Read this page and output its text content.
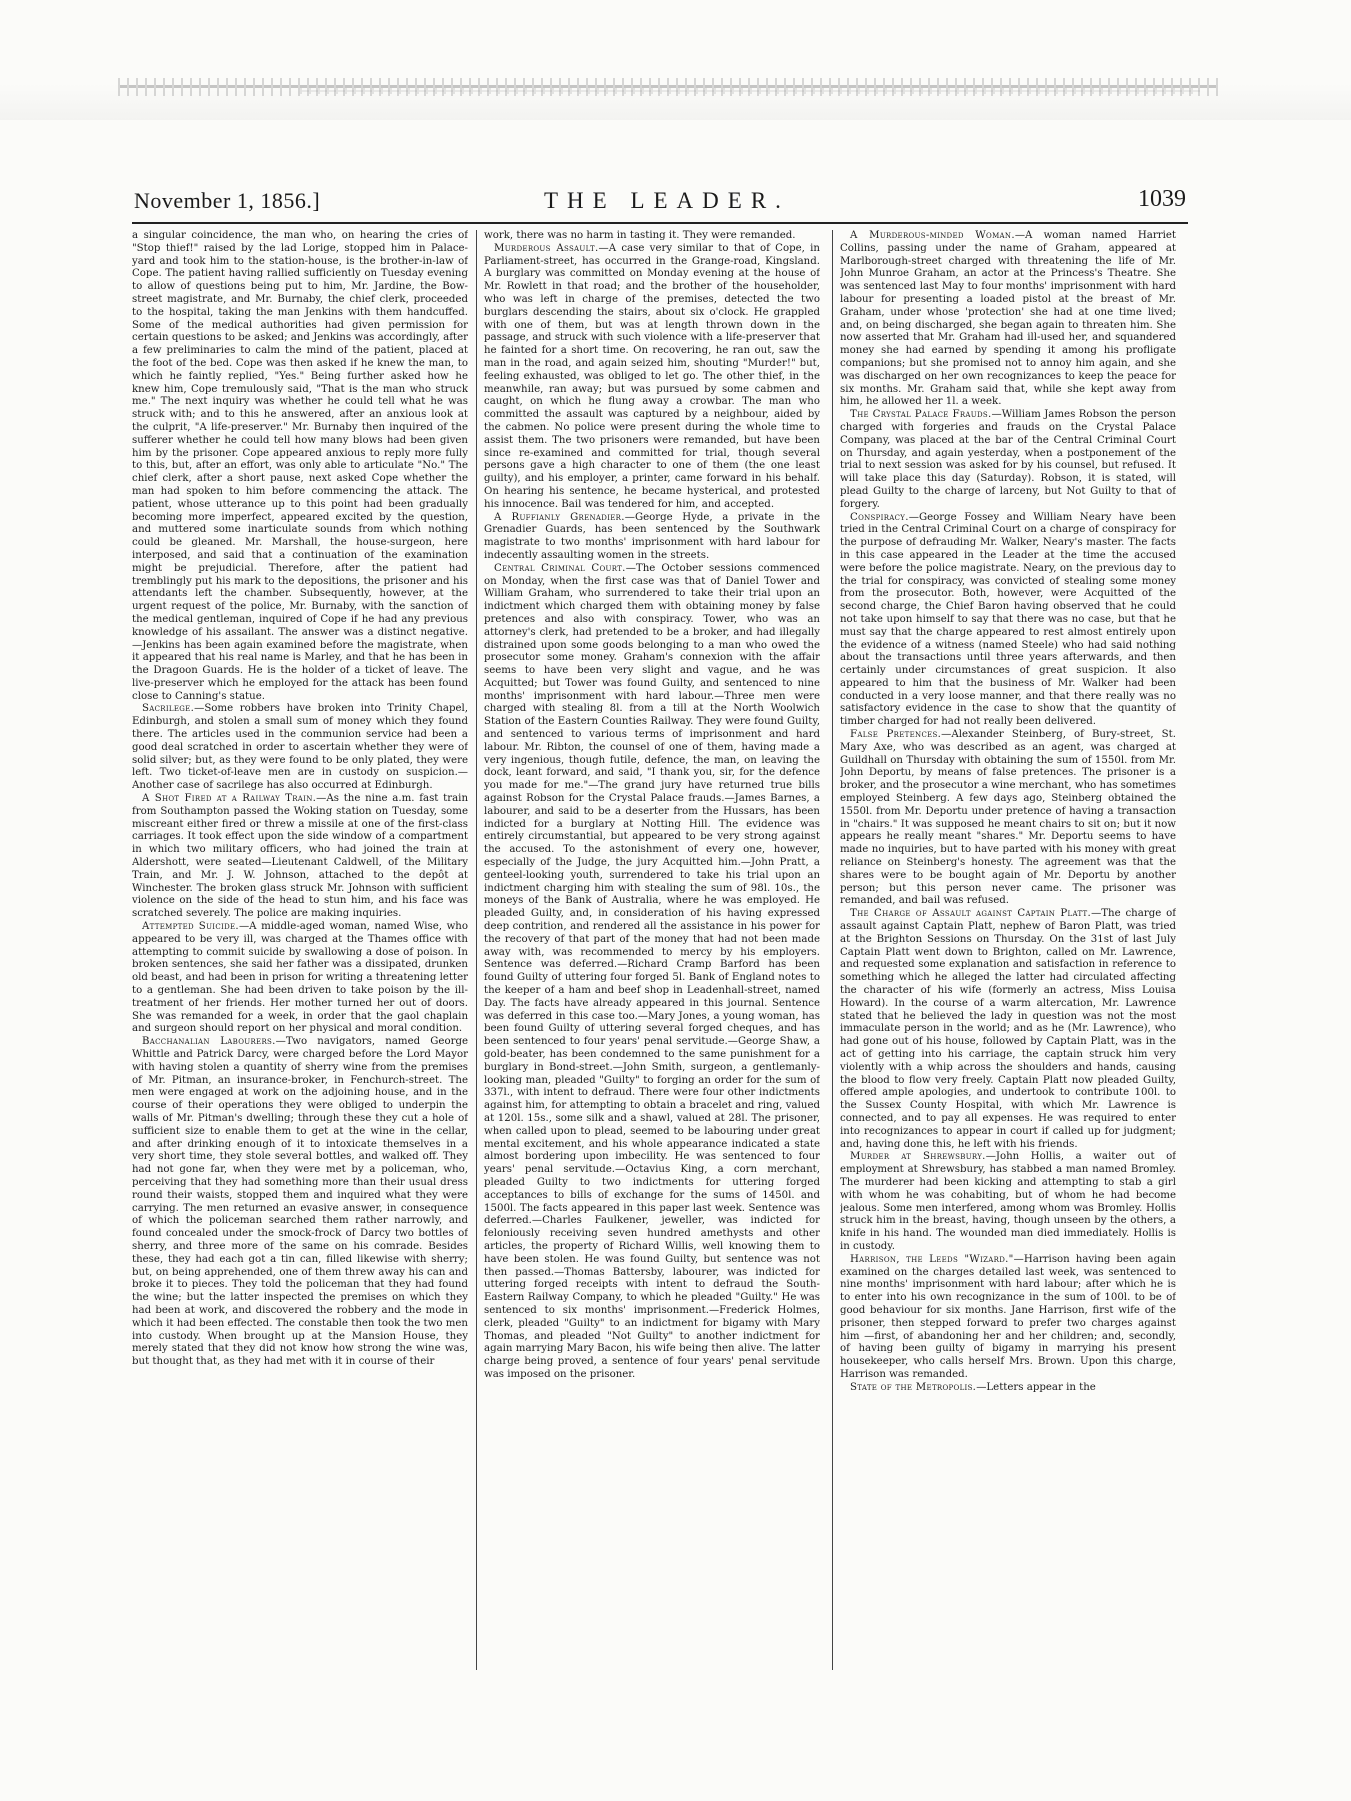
November 1, 1856.]	THE LEADER.	1039

a singular coincidence, the man who, on hearing the cries of "Stop thief!" raised by the lad Lorige, stopped him in Palace-yard and took him to the station-house, is the brother-in-law of Cope. The patient having rallied sufficiently on Tuesday evening to allow of questions being put to him, Mr. Jardine, the Bow-street magistrate, and Mr. Burnaby, the chief clerk, proceeded to the hospital, taking the man Jenkins with them handcuffed. Some of the medical authorities had given permission for certain questions to be asked; and Jenkins was accordingly, after a few preliminaries to calm the mind of the patient, placed at the foot of the bed. Cope was then asked if he knew the man, to which he faintly replied, "Yes." Being further asked how he knew him, Cope tremulously said, "That is the man who struck me." The next inquiry was whether he could tell what he was struck with; and to this he answered, after an anxious look at the culprit, "A life-preserver." Mr. Burnaby then inquired of the sufferer whether he could tell how many blows had been given him by the prisoner. Cope appeared anxious to reply more fully to this, but, after an effort, was only able to articulate "No." The chief clerk, after a short pause, next asked Cope whether the man had spoken to him before commencing the attack. The patient, whose utterance up to this point had been gradually becoming more imperfect, appeared excited by the question, and muttered some inarticulate sounds from which nothing could be gleaned. Mr. Marshall, the house-surgeon, here interposed, and said that a continuation of the examination might be prejudicial. Therefore, after the patient had tremblingly put his mark to the depositions, the prisoner and his attendants left the chamber. Subsequently, however, at the urgent request of the police, Mr. Burnaby, with the sanction of the medical gentleman, inquired of Cope if he had any previous knowledge of his assailant. The answer was a distinct negative.—Jenkins has been again examined before the magistrate, when it appeared that his real name is Marley, and that he has been in the Dragoon Guards. He is the holder of a ticket of leave. The live-preserver which he employed for the attack has been found close to Canning's statue.

Sacrilege.—Some robbers have broken into Trinity Chapel, Edinburgh, and stolen a small sum of money which they found there. The articles used in the communion service had been a good deal scratched in order to ascertain whether they were of solid silver; but, as they were found to be only plated, they were left. Two ticket-of-leave men are in custody on suspicion.—Another case of sacrilege has also occurred at Edinburgh.

A Shot Fired at a Railway Train.—As the nine a.m. fast train from Southampton passed the Woking station on Tuesday, some miscreant either fired or threw a missile at one of the first-class carriages. It took effect upon the side window of a compartment in which two military officers, who had joined the train at Aldershott, were seated—Lieutenant Caldwell, of the Military Train, and Mr. J. W. Johnson, attached to the depôt at Winchester. The broken glass struck Mr. Johnson with sufficient violence on the side of the head to stun him, and his face was scratched severely. The police are making inquiries.

Attempted Suicide.—A middle-aged woman, named Wise, who appeared to be very ill, was charged at the Thames office with attempting to commit suicide by swallowing a dose of poison. In broken sentences, she said her father was a dissipated, drunken old beast, and had been in prison for writing a threatening letter to a gentleman. She had been driven to take poison by the ill-treatment of her friends. Her mother turned her out of doors. She was remanded for a week, in order that the gaol chaplain and surgeon should report on her physical and moral condition.

Bacchanalian Labourers.—Two navigators, named George Whittle and Patrick Darcy, were charged before the Lord Mayor with having stolen a quantity of sherry wine from the premises of Mr. Pitman, an insurance-broker, in Fenchurch-street. The men were engaged at work on the adjoining house, and in the course of their operations they were obliged to underpin the walls of Mr. Pitman's dwelling; through these they cut a hole of sufficient size to enable them to get at the wine in the cellar, and after drinking enough of it to intoxicate themselves in a very short time, they stole several bottles, and walked off. They had not gone far, when they were met by a policeman, who, perceiving that they had something more than their usual dress round their waists, stopped them and inquired what they were carrying. The men returned an evasive answer, in consequence of which the policeman searched them rather narrowly, and found concealed under the smock-frock of Darcy two bottles of sherry, and three more of the same on his comrade. Besides these, they had each got a tin can, filled likewise with sherry; but, on being apprehended, one of them threw away his can and broke it to pieces. They told the policeman that they had found the wine; but the latter inspected the premises on which they had been at work, and discovered the robbery and the mode in which it had been effected. The constable then took the two men into custody. When brought up at the Mansion House, they merely stated that they did not know how strong the wine was, but thought that, as they had met with it in course of their

work, there was no harm in tasting it. They were remanded.

Murderous Assault.—A case very similar to that of Cope, in Parliament-street, has occurred in the Grange-road, Kingsland. A burglary was committed on Monday evening at the house of Mr. Rowlett in that road; and the brother of the householder, who was left in charge of the premises, detected the two burglars descending the stairs, about six o'clock. He grappled with one of them, but was at length thrown down in the passage, and struck with such violence with a life-preserver that he fainted for a short time. On recovering, he ran out, saw the man in the road, and again seized him, shouting "Murder!" but, feeling exhausted, was obliged to let go. The other thief, in the meanwhile, ran away; but was pursued by some cabmen and caught, on which he flung away a crowbar. The man who committed the assault was captured by a neighbour, aided by the cabmen. No police were present during the whole time to assist them. The two prisoners were remanded, but have been since re-examined and committed for trial, though several persons gave a high character to one of them (the one least guilty), and his employer, a printer, came forward in his behalf. On hearing his sentence, he became hysterical, and protested his innocence. Bail was tendered for him, and accepted.

A Ruffianly Grenadier.—George Hyde, a private in the Grenadier Guards, has been sentenced by the Southwark magistrate to two months' imprisonment with hard labour for indecently assaulting women in the streets.

Central Criminal Court.—The October sessions commenced on Monday, when the first case was that of Daniel Tower and William Graham, who surrendered to take their trial upon an indictment which charged them with obtaining money by false pretences and also with conspiracy. Tower, who was an attorney's clerk, had pretended to be a broker, and had illegally distrained upon some goods belonging to a man who owed the prosecutor some money. Graham's connexion with the affair seems to have been very slight and vague, and he was Acquitted; but Tower was found Guilty, and sentenced to nine months' imprisonment with hard labour.—Three men were charged with stealing 8l. from a till at the North Woolwich Station of the Eastern Counties Railway. They were found Guilty, and sentenced to various terms of imprisonment and hard labour. Mr. Ribton, the counsel of one of them, having made a very ingenious, though futile, defence, the man, on leaving the dock, leant forward, and said, "I thank you, sir, for the defence you made for me."—The grand jury have returned true bills against Robson for the Crystal Palace frauds.—James Barnes, a labourer, and said to be a deserter from the Hussars, has been indicted for a burglary at Notting Hill. The evidence was entirely circumstantial, but appeared to be very strong against the accused. To the astonishment of every one, however, especially of the Judge, the jury Acquitted him.—John Pratt, a genteel-looking youth, surrendered to take his trial upon an indictment charging him with stealing the sum of 98l. 10s., the moneys of the Bank of Australia, where he was employed. He pleaded Guilty, and, in consideration of his having expressed deep contrition, and rendered all the assistance in his power for the recovery of that part of the money that had not been made away with, was recommended to mercy by his employers. Sentence was deferred.—Richard Cramp Barford has been found Guilty of uttering four forged 5l. Bank of England notes to the keeper of a ham and beef shop in Leadenhall-street, named Day. The facts have already appeared in this journal. Sentence was deferred in this case too.—Mary Jones, a young woman, has been found Guilty of uttering several forged cheques, and has been sentenced to four years' penal servitude.—George Shaw, a gold-beater, has been condemned to the same punishment for a burglary in Bond-street.—John Smith, surgeon, a gentlemanly-looking man, pleaded "Guilty" to forging an order for the sum of 337l., with intent to defraud. There were four other indictments against him, for attempting to obtain a bracelet and ring, valued at 120l. 15s., some silk and a shawl, valued at 28l. The prisoner, when called upon to plead, seemed to be labouring under great mental excitement, and his whole appearance indicated a state almost bordering upon imbecility. He was sentenced to four years' penal servitude.—Octavius King, a corn merchant, pleaded Guilty to two indictments for uttering forged acceptances to bills of exchange for the sums of 1450l. and 1500l. The facts appeared in this paper last week. Sentence was deferred.—Charles Faulkener, jeweller, was indicted for feloniously receiving seven hundred amethysts and other articles, the property of Richard Willis, well knowing them to have been stolen. He was found Guilty, but sentence was not then passed.—Thomas Battersby, labourer, was indicted for uttering forged receipts with intent to defraud the South-Eastern Railway Company, to which he pleaded "Guilty." He was sentenced to six months' imprisonment.—Frederick Holmes, clerk, pleaded "Guilty" to an indictment for bigamy with Mary Thomas, and pleaded "Not Guilty" to another indictment for again marrying Mary Bacon, his wife being then alive. The latter charge being proved, a sentence of four years' penal servitude was imposed on the prisoner.

A Murderous-minded Woman.—A woman named Harriet Collins, passing under the name of Graham, appeared at Marlborough-street charged with threatening the life of Mr. John Munroe Graham, an actor at the Princess's Theatre. She was sentenced last May to four months' imprisonment with hard labour for presenting a loaded pistol at the breast of Mr. Graham, under whose 'protection' she had at one time lived; and, on being discharged, she began again to threaten him. She now asserted that Mr. Graham had ill-used her, and squandered money she had earned by spending it among his profligate companions; but she promised not to annoy him again, and she was discharged on her own recognizances to keep the peace for six months. Mr. Graham said that, while she kept away from him, he allowed her 1l. a week.

The Crystal Palace Frauds.—William James Robson the person charged with forgeries and frauds on the Crystal Palace Company, was placed at the bar of the Central Criminal Court on Thursday, and again yesterday, when a postponement of the trial to next session was asked for by his counsel, but refused. It will take place this day (Saturday). Robson, it is stated, will plead Guilty to the charge of larceny, but Not Guilty to that of forgery.

Conspiracy.—George Fossey and William Neary have been tried in the Central Criminal Court on a charge of conspiracy for the purpose of defrauding Mr. Walker, Neary's master. The facts in this case appeared in the Leader at the time the accused were before the police magistrate. Neary, on the previous day to the trial for conspiracy, was convicted of stealing some money from the prosecutor. Both, however, were Acquitted of the second charge, the Chief Baron having observed that he could not take upon himself to say that there was no case, but that he must say that the charge appeared to rest almost entirely upon the evidence of a witness (named Steele) who had said nothing about the transactions until three years afterwards, and then certainly under circumstances of great suspicion. It also appeared to him that the business of Mr. Walker had been conducted in a very loose manner, and that there really was no satisfactory evidence in the case to show that the quantity of timber charged for had not really been delivered.

False Pretences.—Alexander Steinberg, of Bury-street, St. Mary Axe, who was described as an agent, was charged at Guildhall on Thursday with obtaining the sum of 1550l. from Mr. John Deportu, by means of false pretences. The prisoner is a broker, and the prosecutor a wine merchant, who has sometimes employed Steinberg. A few days ago, Steinberg obtained the 1550l. from Mr. Deportu under pretence of having a transaction in "chairs." It was supposed he meant chairs to sit on; but it now appears he really meant "shares." Mr. Deportu seems to have made no inquiries, but to have parted with his money with great reliance on Steinberg's honesty. The agreement was that the shares were to be bought again of Mr. Deportu by another person; but this person never came. The prisoner was remanded, and bail was refused.

The Charge of Assault against Captain Platt.—The charge of assault against Captain Platt, nephew of Baron Platt, was tried at the Brighton Sessions on Thursday. On the 31st of last July Captain Platt went down to Brighton, called on Mr. Lawrence, and requested some explanation and satisfaction in reference to something which he alleged the latter had circulated affecting the character of his wife (formerly an actress, Miss Louisa Howard). In the course of a warm altercation, Mr. Lawrence stated that he believed the lady in question was not the most immaculate person in the world; and as he (Mr. Lawrence), who had gone out of his house, followed by Captain Platt, was in the act of getting into his carriage, the captain struck him very violently with a whip across the shoulders and hands, causing the blood to flow very freely. Captain Platt now pleaded Guilty, offered ample apologies, and undertook to contribute 100l. to the Sussex County Hospital, with which Mr. Lawrence is connected, and to pay all expenses. He was required to enter into recognizances to appear in court if called up for judgment; and, having done this, he left with his friends.

Murder at Shrewsbury.—John Hollis, a waiter out of employment at Shrewsbury, has stabbed a man named Bromley. The murderer had been kicking and attempting to stab a girl with whom he was cohabiting, but of whom he had become jealous. Some men interfered, among whom was Bromley. Hollis struck him in the breast, having, though unseen by the others, a knife in his hand. The wounded man died immediately. Hollis is in custody.

Harrison, the Leeds "Wizard."—Harrison having been again examined on the charges detailed last week, was sentenced to nine months' imprisonment with hard labour; after which he is to enter into his own recognizance in the sum of 100l. to be of good behaviour for six months. Jane Harrison, first wife of the prisoner, then stepped forward to prefer two charges against him —first, of abandoning her and her children; and, secondly, of having been guilty of bigamy in marrying his present housekeeper, who calls herself Mrs. Brown. Upon this charge, Harrison was remanded.

State of the Metropolis.—Letters appear in the
